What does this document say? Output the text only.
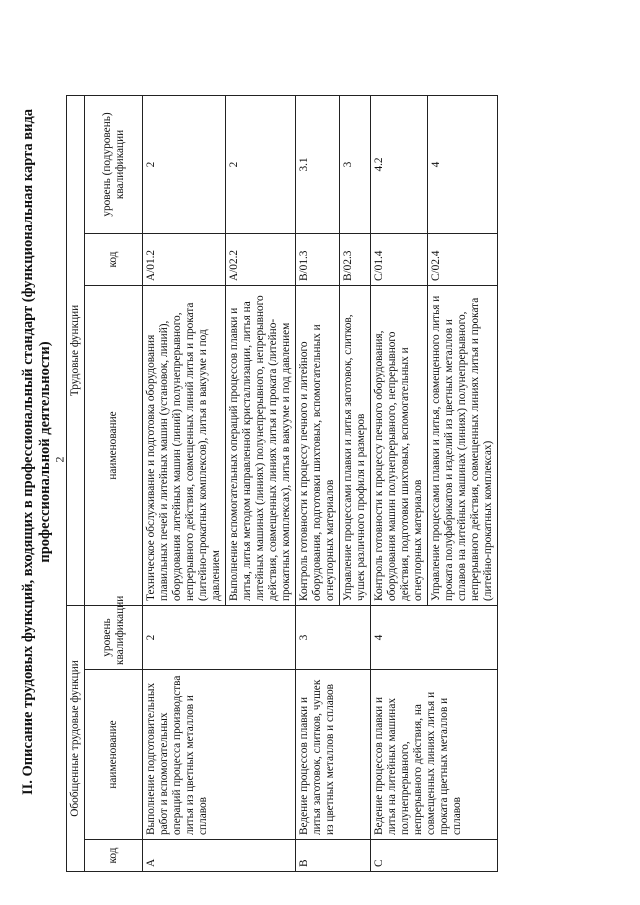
2
II. Описание трудовых функций, входящих в профессиональный стандарт (функциональная карта вида профессиональной деятельности)
Обобщенные трудовые функции			Трудовые функции		
код	наименование	уровень квалификации	наименование	код	уровень (подуровень) квалификации
A	Выполнение подготовительных работ и вспомогательных операций процесса производства литья из цветных металлов и сплавов	2	Техническое обслуживание и подготовка оборудования плавильных печей и литейных машин (установок, линий), оборудования литейных машин (линий) полунепрерывного, непрерывного действия, совмещенных линий литья и проката (литейно-прокатных комплексов), литья в вакууме и под давлением	A/01.2	2
			Выполнение вспомогательных операций процессов плавки и литья, литья методом направленной кристаллизации, литья на литейных машинах (линиях) полунепрерывного, непрерывного действия, совмещенных линиях литья и проката (литейно-прокатных комплексах), литья в вакууме и под давлением	A/02.2	2
B	Ведение процессов плавки и литья заготовок, слитков, чушек из цветных металлов и сплавов	3	Контроль готовности к процессу печного и литейного оборудования, подготовки шихтовых, вспомогательных и огнеупорных материалов	B/01.3	3.1
			Управление процессами плавки и литья заготовок, слитков, чушек различного профиля и размеров	B/02.3	3
C	Ведение процессов плавки и литья на литейных машинах полунепрерывного, непрерывного действия, на совмещенных линиях литья и проката цветных металлов и сплавов	4	Контроль готовности к процессу печного оборудования, оборудования машин полунепрерывного, непрерывного действия, подготовки шихтовых, вспомогательных и огнеупорных материалов	C/01.4	4.2
			Управление процессами плавки и литья, совмещенного литья и проката полуфабрикатов и изделий из цветных металлов и сплавов на литейных машинах (линиях) полунепрерывного, непрерывного действия, совмещенных линиях литья и проката (литейно-прокатных комплексах)	C/02.4	4
